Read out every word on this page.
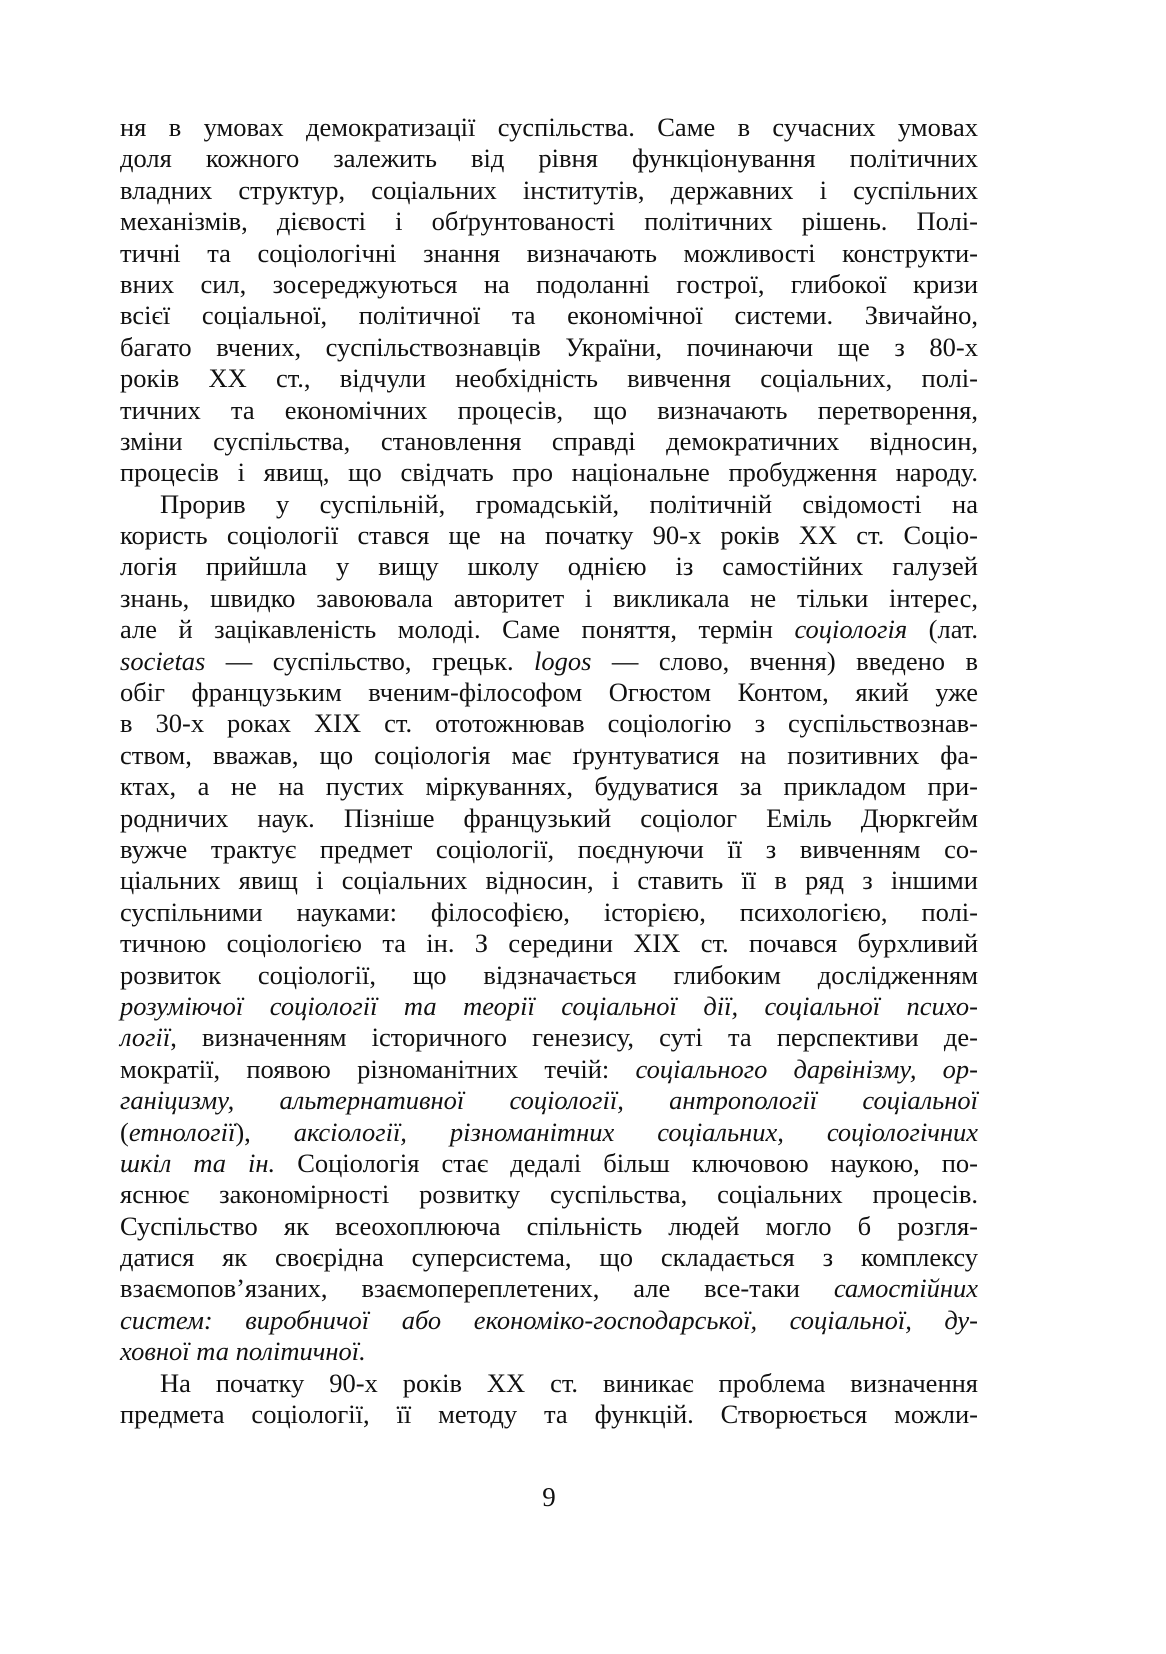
ня в умовах демократизації суспільства. Саме в сучасних умовах
доля кожного залежить від рівня функціонування політичних
владних структур, соціальних інститутів, державних і суспільних
механізмів, дієвості і обґрунтованості політичних рішень. Полі-
тичні та соціологічні знання визначають можливості конструкти-
вних сил, зосереджуються на подоланні гострої, глибокої кризи
всієї соціальної, політичної та економічної системи. Звичайно,
багато вчених, суспільствознавців України, починаючи ще з 80-х
років XX ст., відчули необхідність вивчення соціальних, полі-
тичних та економічних процесів, що визначають перетворення,
зміни суспільства, становлення справді демократичних відносин,
процесів і явищ, що свідчать про національне пробудження народу.
Прорив у суспільній, громадській, політичній свідомості на
користь соціології стався ще на початку 90-х років XX ст. Соціо-
логія прийшла у вищу школу однією із самостійних галузей
знань, швидко завоювала авторитет і викликала не тільки інтерес,
але й зацікавленість молоді. Саме поняття, термін соціологія (лат.
societas — суспільство, грецьк. logos — слово, вчення) введено в
обіг французьким вченим-філософом Огюстом Контом, який уже
в 30-х роках XIX ст. ототожнював соціологію з суспільствознав-
ством, вважав, що соціологія має ґрунтуватися на позитивних фа-
ктах, а не на пустих міркуваннях, будуватися за прикладом при-
родничих наук. Пізніше французький соціолог Еміль Дюркгейм
вужче трактує предмет соціології, поєднуючи її з вивченням со-
ціальних явищ і соціальних відносин, і ставить її в ряд з іншими
суспільними науками: філософією, історією, психологією, полі-
тичною соціологією та ін. З середини XIX ст. почався бурхливий
розвиток соціології, що відзначається глибоким дослідженням
розуміючої соціології та теорії соціальної дії, соціальної психо-
логії, визначенням історичного генезису, суті та перспективи де-
мократії, появою різноманітних течій: соціального дарвінізму, ор-
ганіцизму, альтернативної соціології, антропології соціальної
(етнології), аксіології, різноманітних соціальних, соціологічних
шкіл та ін. Соціологія стає дедалі більш ключовою наукою, по-
яснює закономірності розвитку суспільства, соціальних процесів.
Суспільство як всеохоплююча спільність людей могло б розгля-
датися як своєрідна суперсистема, що складається з комплексу
взаємопов’язаних, взаємопереплетених, але все-таки самостійних
систем: виробничої або економіко-господарської, соціальної, ду-
ховної та політичної.
На початку 90-х років XX ст. виникає проблема визначення
предмета соціології, її методу та функцій. Створюється можли-
9
